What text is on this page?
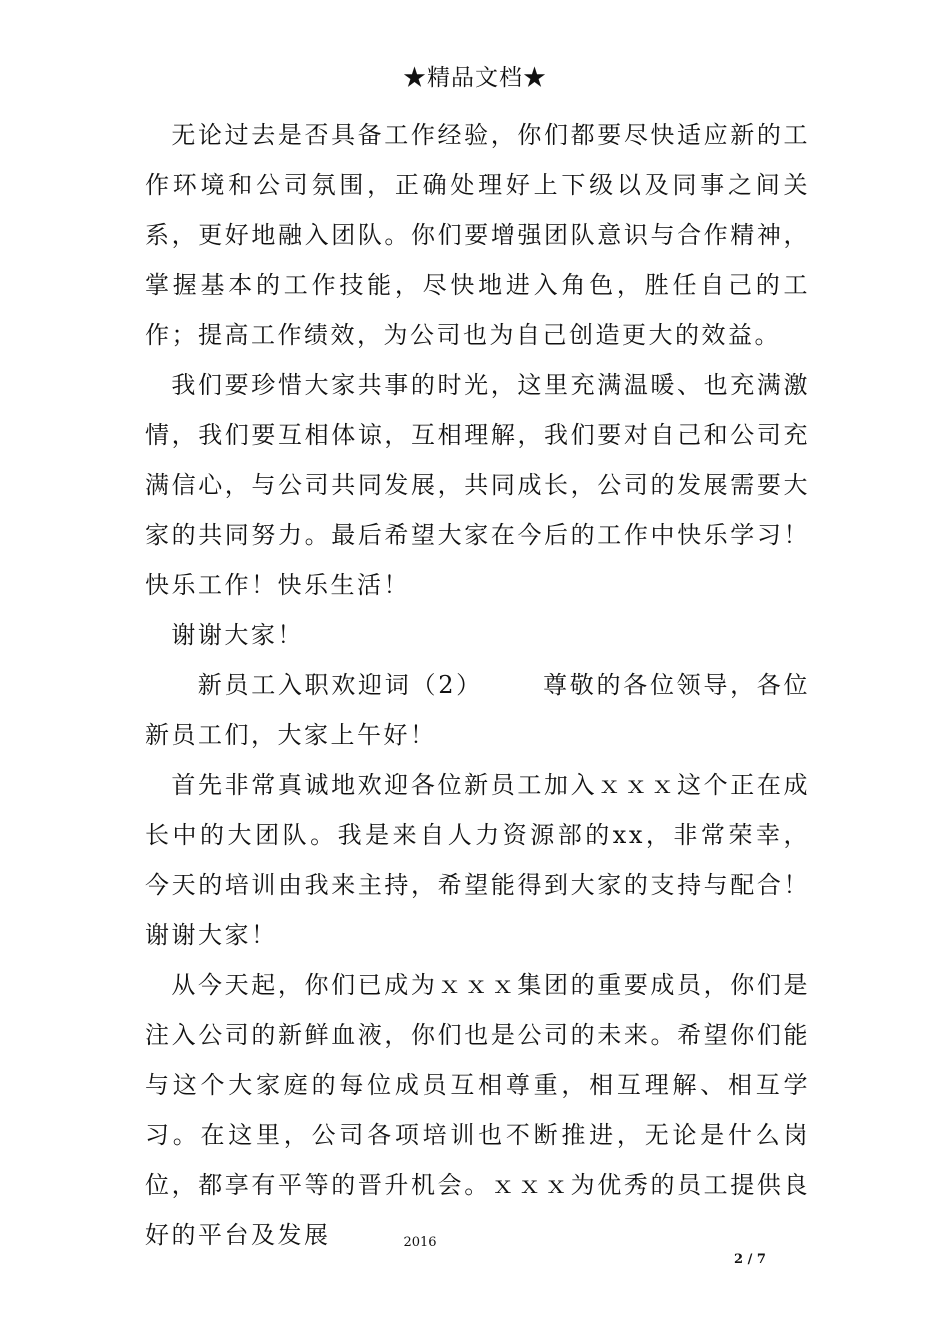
★精品文档★

无论过去是否具备工作经验，你们都要尽快适应新的工作环境和公司氛围，正确处理好上下级以及同事之间关系，更好地融入团队。你们要增强团队意识与合作精神，掌握基本的工作技能，尽快地进入角色，胜任自己的工作；提高工作绩效，为公司也为自己创造更大的效益。

我们要珍惜大家共事的时光，这里充满温暖、也充满激情，我们要互相体谅，互相理解，我们要对自己和公司充满信心，与公司共同发展，共同成长，公司的发展需要大家的共同努力。最后希望大家在今后的工作中快乐学习！快乐工作！快乐生活！

谢谢大家！

新员工入职欢迎词（2）	尊敬的各位领导，各位新员工们，大家上午好！

首先非常真诚地欢迎各位新员工加入ｘｘｘ这个正在成长中的大团队。我是来自人力资源部的xx，非常荣幸，今天的培训由我来主持，希望能得到大家的支持与配合！谢谢大家！

从今天起，你们已成为ｘｘｘ集团的重要成员，你们是注入公司的新鲜血液，你们也是公司的未来。希望你们能与这个大家庭的每位成员互相尊重，相互理解、相互学习。在这里，公司各项培训也不断推进，无论是什么岗位，都享有平等的晋升机会。ｘｘｘ为优秀的员工提供良好的平台及发展	2016
2 / 7
